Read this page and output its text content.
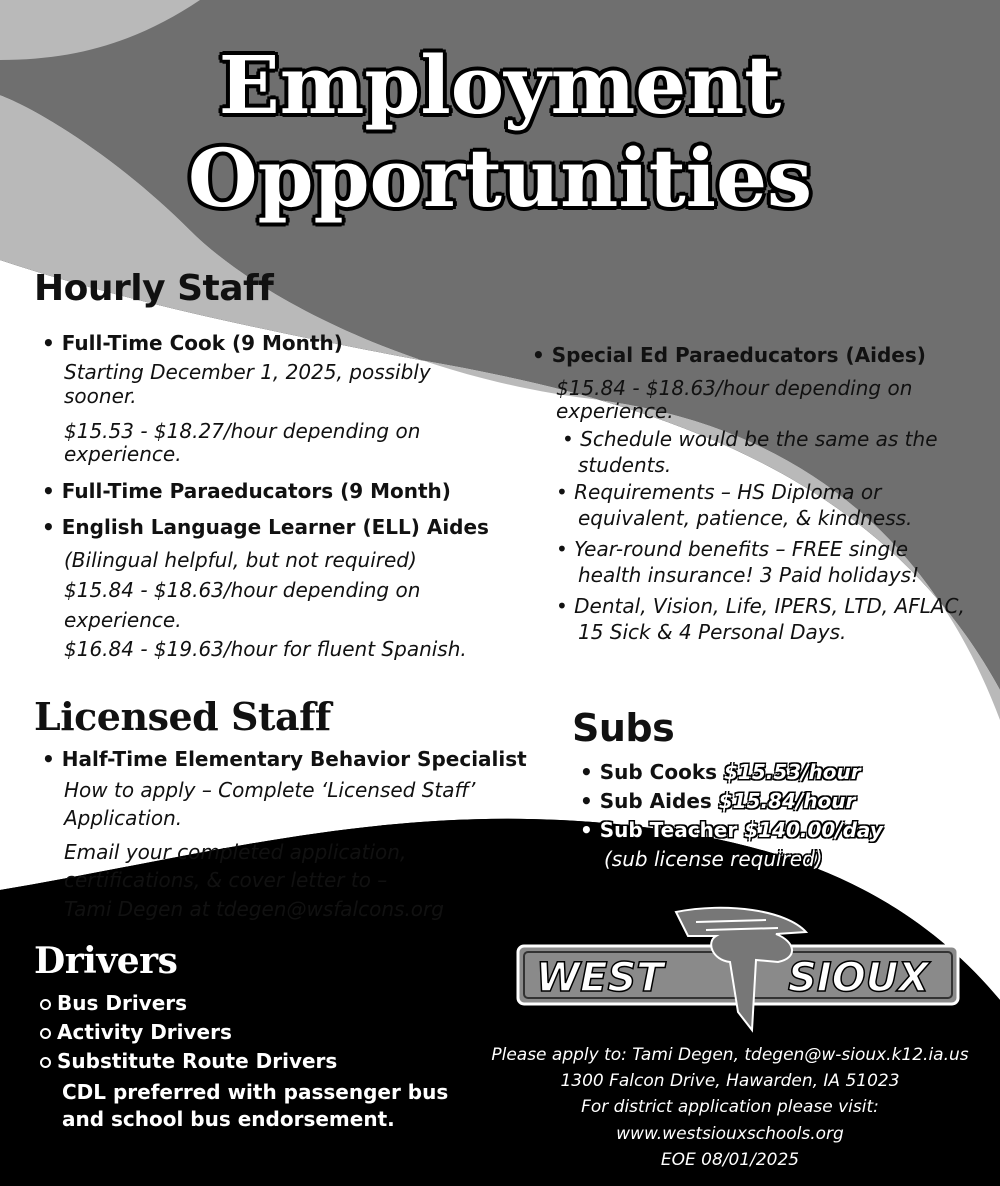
Employment
Opportunities
Hourly Staff
• Full-Time Cook (9 Month)
Starting December 1, 2025, possibly
sooner.
$15.53 - $18.27/hour depending on
experience.
• Full-Time Paraeducators (9 Month)
• English Language Learner (ELL) Aides
(Bilingual helpful, but not required)
$15.84 - $18.63/hour depending on
experience.
$16.84 - $19.63/hour for fluent Spanish.
• Special Ed Paraeducators (Aides)
$15.84 - $18.63/hour depending on
experience.
• Schedule would be the same as the
students.
• Requirements – HS Diploma or
equivalent, patience, & kindness.
• Year-round benefits – FREE single
health insurance! 3 Paid holidays!
• Dental, Vision, Life, IPERS, LTD, AFLAC,
15 Sick & 4 Personal Days.
Licensed Staff
• Half-Time Elementary Behavior Specialist
How to apply – Complete ‘Licensed Staff’
Application.
Email your completed application,
certifications, & cover letter to –
Tami Degen at tdegen@wsfalcons.org
Subs
• Sub Cooks $15.53/hour
• Sub Aides $15.84/hour
• Sub Teacher $140.00/day
(sub license required)
Drivers
Bus Drivers
Activity Drivers
Substitute Route Drivers
CDL preferred with passenger bus
and school bus endorsement.
WEST	SIOUX
Please apply to: Tami Degen, tdegen@w-sioux.k12.ia.us
1300 Falcon Drive, Hawarden, IA 51023
For district application please visit:
www.westsiouxschools.org
EOE 08/01/2025
